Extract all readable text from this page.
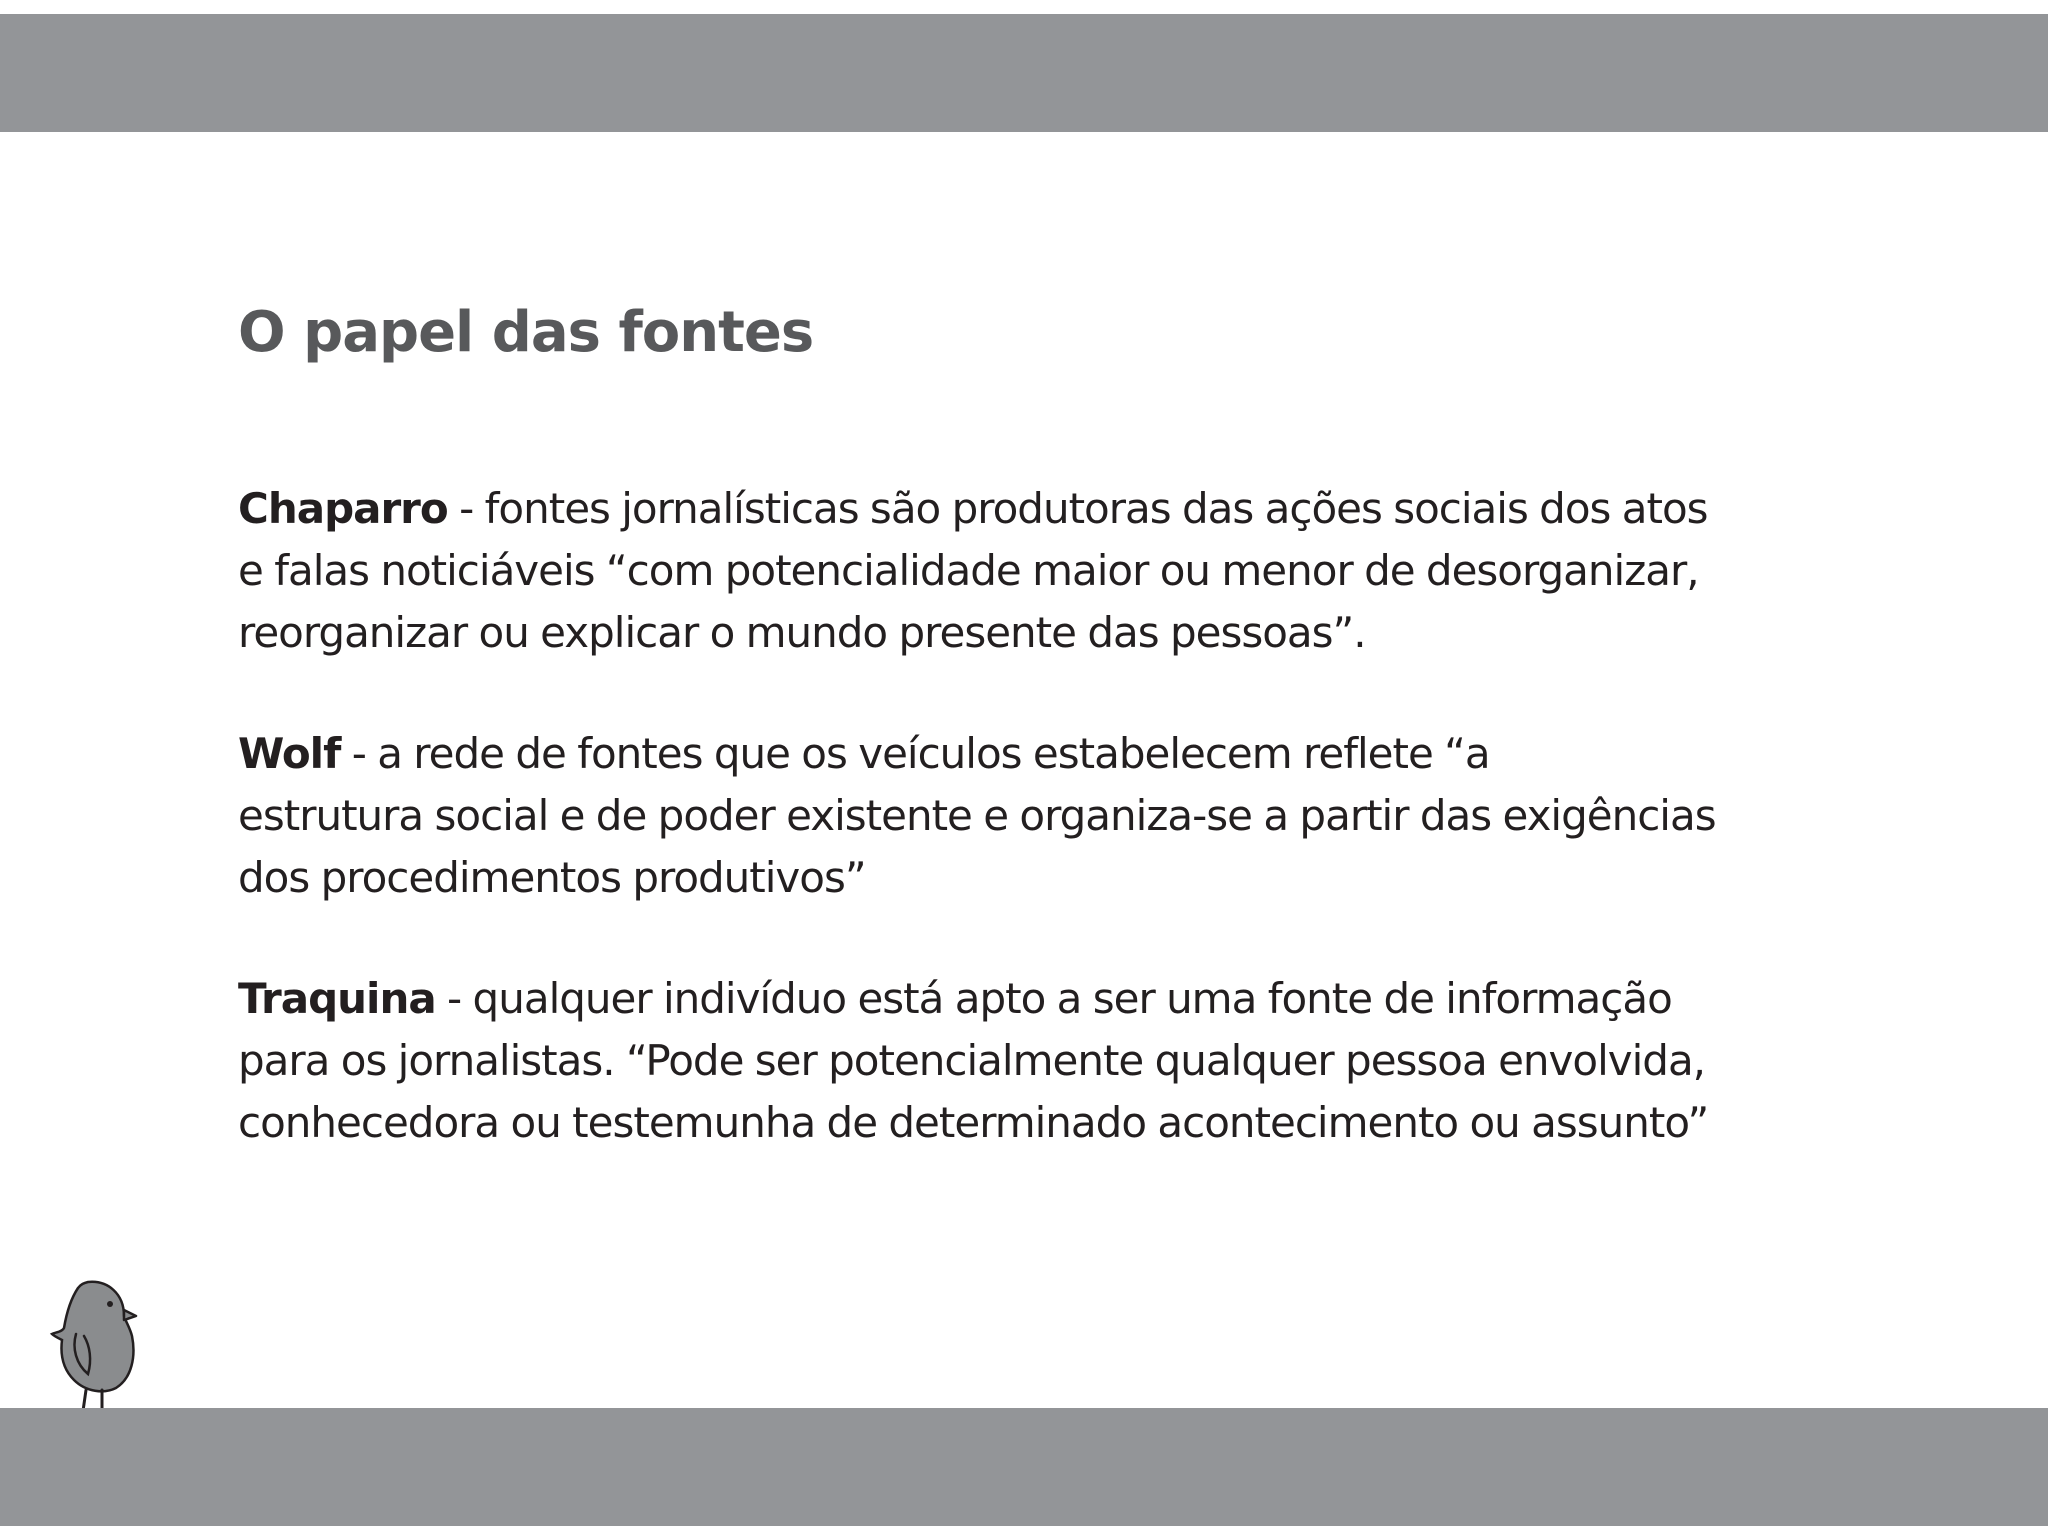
O papel das fontes

Chaparro - fontes jornalísticas são produtoras das ações sociais dos atos
e falas noticiáveis “com potencialidade maior ou menor de desorganizar,
reorganizar ou explicar o mundo presente das pessoas”.

Wolf - a rede de fontes que os veículos estabelecem reflete “a
estrutura social e de poder existente e organiza-se a partir das exigências
dos procedimentos produtivos”

Traquina - qualquer indivíduo está apto a ser uma fonte de informação
para os jornalistas. “Pode ser potencialmente qualquer pessoa envolvida,
conhecedora ou testemunha de determinado acontecimento ou assunto”
